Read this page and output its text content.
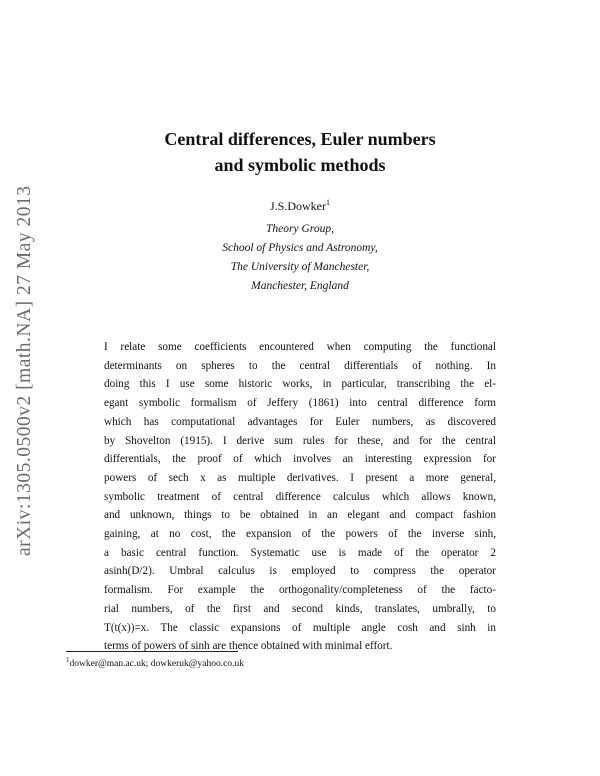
arXiv:1305.0500v2 [math.NA] 27 May 2013
Central differences, Euler numbers
and symbolic methods
J.S.Dowker$^1$
Theory Group,
School of Physics and Astronomy,
The University of Manchester,
Manchester, England
I relate some coefficients encountered when computing the functional
determinants on spheres to the central differentials of nothing. In
doing this I use some historic works, in particular, transcribing the el-
egant symbolic formalism of Jeffery (1861) into central difference form
which has computational advantages for Euler numbers, as discovered
by Shovelton (1915). I derive sum rules for these, and for the central
differentials, the proof of which involves an interesting expression for
powers of sech x as multiple derivatives. I present a more general,
symbolic treatment of central difference calculus which allows known,
and unknown, things to be obtained in an elegant and compact fashion
gaining, at no cost, the expansion of the powers of the inverse sinh,
a basic central function. Systematic use is made of the operator 2
asinh(D/2). Umbral calculus is employed to compress the operator
formalism. For example the orthogonality/completeness of the facto-
rial numbers, of the first and second kinds, translates, umbrally, to
T(t(x))=x. The classic expansions of multiple angle cosh and sinh in
terms of powers of sinh are thence obtained with minimal effort.
$^1$dowker@man.ac.uk; dowkeruk@yahoo.co.uk
